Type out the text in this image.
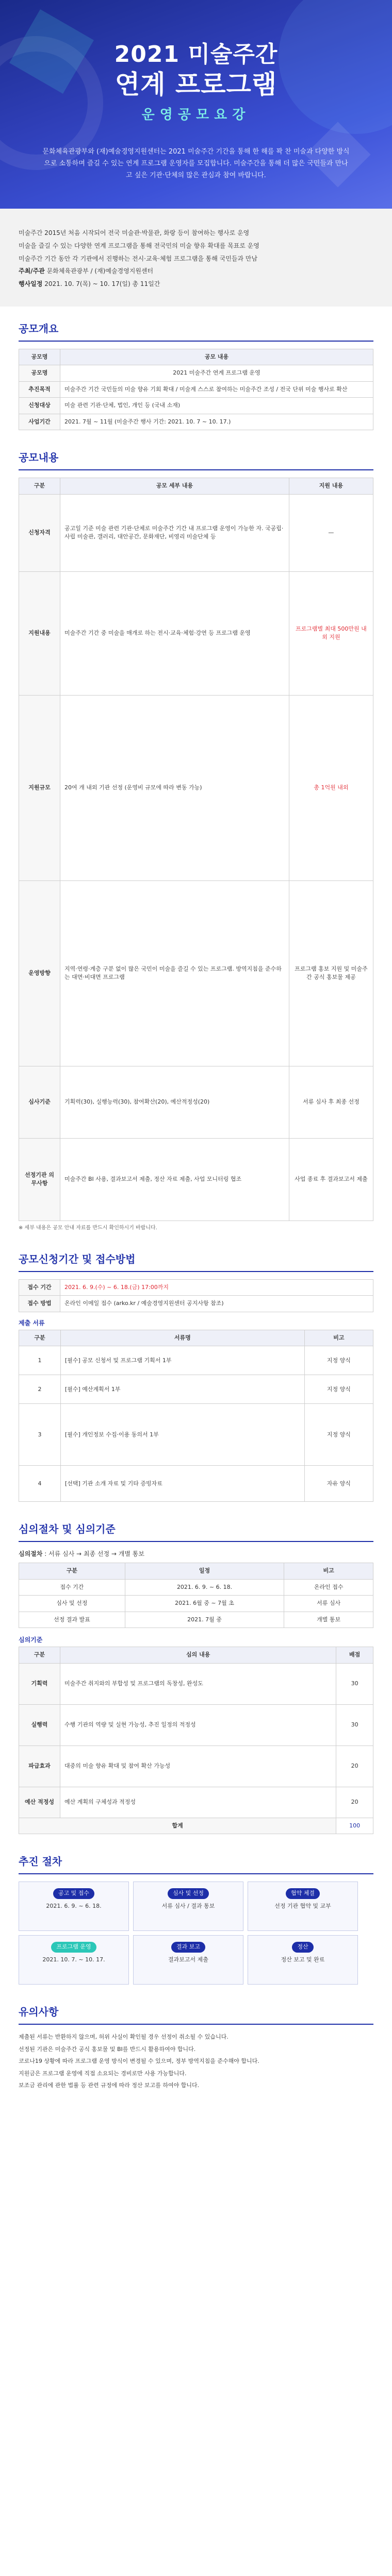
2021 미술주간
연계 프로그램
운영공모요강

문화체육관광부와 (재)예술경영지원센터는 2021 미술주간 기간을 통해 한 해를 꽉 찬 미술과 다양한 방식으로 소통하며 즐길 수 있는 연계 프로그램 운영자를 모집합니다. 미술주간을 통해 더 많은 국민들과 만나고 싶은 기관·단체의 많은 관심과 참여 바랍니다.

미술주간 2015년 처음 시작되어 전국 미술관·박물관, 화랑 등이 참여하는 행사로 운영

미술을 즐길 수 있는 다양한 연계 프로그램을 통해 전국민의 미술 향유 확대를 목표로 운영

미술주간 기간 동안 각 기관에서 진행하는 전시·교육·체험 프로그램을 통해 국민들과 만남

주최/주관 문화체육관광부 / (재)예술경영지원센터

행사일정 2021. 10. 7(목) ~ 10. 17(일) 총 11일간

공모개요
공모명	공모 내용
공모명	2021 미술주간 연계 프로그램 운영
추진목적	미술주간 기간 국민들의 미술 향유 기회 확대 / 미술계 스스로 참여하는 미술주간 조성 / 전국 단위 미술 행사로 확산
신청대상	미술 관련 기관·단체, 법인, 개인 등 (국내 소재)
사업기간	2021. 7월 ~ 11월 (미술주간 행사 기간: 2021. 10. 7 ~ 10. 17.)
공모내용
구분	공모 세부 내용	지원 내용
신청자격	공고일 기준 미술 관련 기관·단체로 미술주간 기간 내 프로그램 운영이 가능한 자. 국공립·사립 미술관, 갤러리, 대안공간, 문화재단, 비영리 미술단체 등	—
지원내용	미술주간 기간 중 미술을 매개로 하는 전시·교육·체험·강연 등 프로그램 운영	프로그램별 최대 500만원 내외 지원
지원규모	20여 개 내외 기관 선정 (운영비 규모에 따라 변동 가능)	총 1억원 내외
운영방향	지역·연령·계층 구분 없이 많은 국민이 미술을 즐길 수 있는 프로그램. 방역지침을 준수하는 대면·비대면 프로그램	프로그램 홍보 지원 및 미술주간 공식 홍보물 제공
심사기준	기획력(30), 실행능력(30), 참여확산(20), 예산적정성(20)	서류 심사 후 최종 선정
선정기관 의무사항	미술주간 BI 사용, 결과보고서 제출, 정산 자료 제출, 사업 모니터링 협조	사업 종료 후 결과보고서 제출

※ 세부 내용은 공모 안내 자료를 반드시 확인하시기 바랍니다.

공모신청기간 및 접수방법
접수 기간	2021. 6. 9.(수) ~ 6. 18.(금) 17:00까지
접수 방법	온라인 이메일 접수 (arko.kr / 예술경영지원센터 공지사항 참조)
제출 서류
구분	서류명	비고
1	[필수] 공모 신청서 및 프로그램 기획서 1부	지정 양식
2	[필수] 예산계획서 1부	지정 양식
3	[필수] 개인정보 수집·이용 동의서 1부	지정 양식
4	[선택] 기관 소개 자료 및 기타 증빙자료	자유 양식
심의절차 및 심의기준

심의절차 : 서류 심사 → 최종 선정 → 개별 통보

구분	일정	비고
접수 기간	2021. 6. 9. ~ 6. 18.	온라인 접수
심사 및 선정	2021. 6월 중 ~ 7월 초	서류 심사
선정 결과 발표	2021. 7월 중	개별 통보
심의기준
구분	심의 내용	배점
기획력	미술주간 취지와의 부합성 및 프로그램의 독창성, 완성도	30
실행력	수행 기관의 역량 및 실현 가능성, 추진 일정의 적정성	30
파급효과	대중의 미술 향유 확대 및 참여 확산 가능성	20
예산 적정성	예산 계획의 구체성과 적정성	20
합계		100
추진 절차
공고 및 접수
2021. 6. 9. ~ 6. 18.
심사 및 선정
서류 심사 / 결과 통보
협약 체결
선정 기관 협약 및 교부
프로그램 운영
2021. 10. 7. ~ 10. 17.
결과 보고
결과보고서 제출
정산
정산 보고 및 완료
유의사항
제출된 서류는 반환하지 않으며, 허위 사실이 확인될 경우 선정이 취소될 수 있습니다.
선정된 기관은 미술주간 공식 홍보물 및 BI를 반드시 활용하여야 합니다.
코로나19 상황에 따라 프로그램 운영 방식이 변경될 수 있으며, 정부 방역지침을 준수해야 합니다.
지원금은 프로그램 운영에 직접 소요되는 경비로만 사용 가능합니다.
보조금 관리에 관한 법률 등 관련 규정에 따라 정산 보고를 하여야 합니다.
